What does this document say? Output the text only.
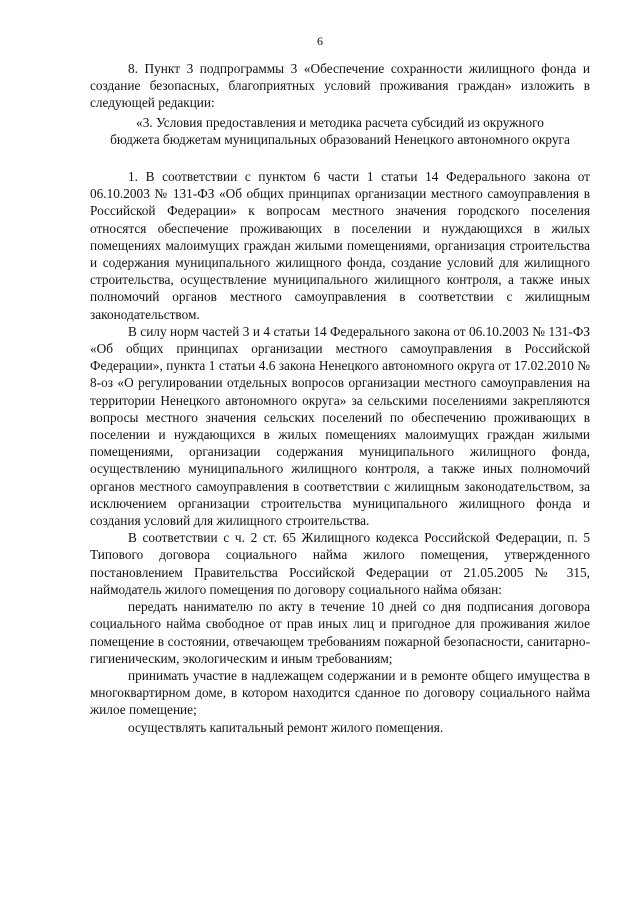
6

8. Пункт 3 подпрограммы 3 «Обеспечение сохранности жилищного фонда и создание безопасных, благоприятных условий проживания граждан» изложить в следующей редакции:

«3. Условия предоставления и методика расчета субсидий из окружного бюджета бюджетам муниципальных образований Ненецкого автономного округа

1. В соответствии с пунктом 6 части 1 статьи 14 Федерального закона от 06.10.2003 № 131-ФЗ «Об общих принципах организации местного самоуправления в Российской Федерации» к вопросам местного значения городского поселения относятся обеспечение проживающих в поселении и нуждающихся в жилых помещениях малоимущих граждан жилыми помещениями, организация строительства и содержания муниципального жилищного фонда, создание условий для жилищного строительства, осуществление муниципального жилищного контроля, а также иных полномочий органов местного самоуправления в соответствии с жилищным законодательством.

В силу норм частей 3 и 4 статьи 14 Федерального закона от 06.10.2003 № 131-ФЗ «Об общих принципах организации местного самоуправления в Российской Федерации», пункта 1 статьи 4.6 закона Ненецкого автономного округа от 17.02.2010 № 8-оз «О регулировании отдельных вопросов организации местного самоуправления на территории Ненецкого автономного округа» за сельскими поселениями закрепляются вопросы местного значения сельских поселений по обеспечению проживающих в поселении и нуждающихся в жилых помещениях малоимущих граждан жилыми помещениями, организации содержания муниципального жилищного фонда, осуществлению муниципального жилищного контроля, а также иных полномочий органов местного самоуправления в соответствии с жилищным законодательством, за исключением организации строительства муниципального жилищного фонда и создания условий для жилищного строительства.

В соответствии с ч. 2 ст. 65 Жилищного кодекса Российской Федерации, п. 5 Типового договора социального найма жилого помещения, утвержденного постановлением Правительства Российской Федерации от 21.05.2005 № 315, наймодатель жилого помещения по договору социального найма обязан:

передать нанимателю по акту в течение 10 дней со дня подписания договора социального найма свободное от прав иных лиц и пригодное для проживания жилое помещение в состоянии, отвечающем требованиям пожарной безопасности, санитарно-гигиеническим, экологическим и иным требованиям;

принимать участие в надлежащем содержании и в ремонте общего имущества в многоквартирном доме, в котором находится сданное по договору социального найма жилое помещение;

осуществлять капитальный ремонт жилого помещения.
